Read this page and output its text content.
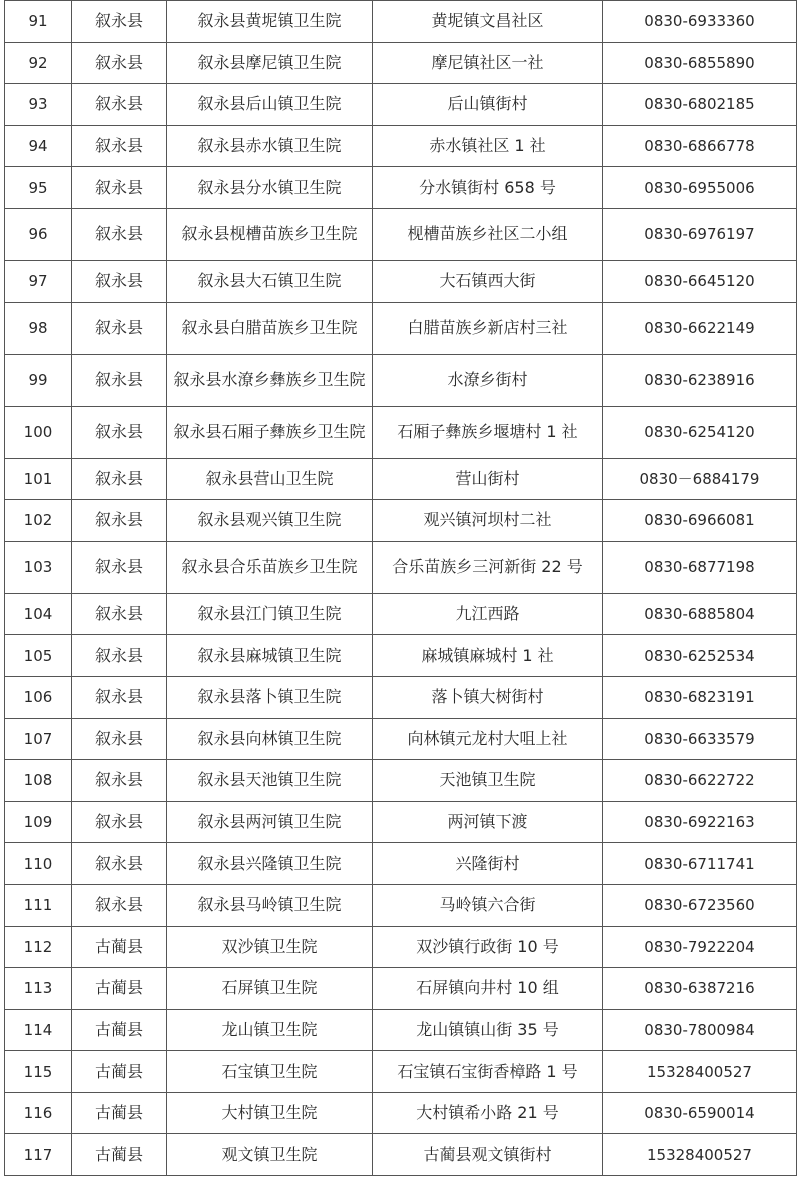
91	叙永县	叙永县黄坭镇卫生院	黄坭镇文昌社区	0830-6933360
92	叙永县	叙永县摩尼镇卫生院	摩尼镇社区一社	0830-6855890
93	叙永县	叙永县后山镇卫生院	后山镇街村	0830-6802185
94	叙永县	叙永县赤水镇卫生院	赤水镇社区 1 社	0830-6866778
95	叙永县	叙永县分水镇卫生院	分水镇街村 658 号	0830-6955006
96	叙永县	叙永县枧槽苗族乡卫生院	枧槽苗族乡社区二小组	0830-6976197
97	叙永县	叙永县大石镇卫生院	大石镇西大街	0830-6645120
98	叙永县	叙永县白腊苗族乡卫生院	白腊苗族乡新店村三社	0830-6622149
99	叙永县	叙永县水潦乡彝族乡卫生院	水潦乡街村	0830-6238916
100	叙永县	叙永县石厢子彝族乡卫生院	石厢子彝族乡堰塘村 1 社	0830-6254120
101	叙永县	叙永县营山卫生院	营山街村	0830－6884179
102	叙永县	叙永县观兴镇卫生院	观兴镇河坝村二社	0830-6966081
103	叙永县	叙永县合乐苗族乡卫生院	合乐苗族乡三河新街 22 号	0830-6877198
104	叙永县	叙永县江门镇卫生院	九江西路	0830-6885804
105	叙永县	叙永县麻城镇卫生院	麻城镇麻城村 1 社	0830-6252534
106	叙永县	叙永县落卜镇卫生院	落卜镇大树街村	0830-6823191
107	叙永县	叙永县向林镇卫生院	向林镇元龙村大咀上社	0830-6633579
108	叙永县	叙永县天池镇卫生院	天池镇卫生院	0830-6622722
109	叙永县	叙永县两河镇卫生院	两河镇下渡	0830-6922163
110	叙永县	叙永县兴隆镇卫生院	兴隆街村	0830-6711741
111	叙永县	叙永县马岭镇卫生院	马岭镇六合街	0830-6723560
112	古蔺县	双沙镇卫生院	双沙镇行政街 10 号	0830-7922204
113	古蔺县	石屏镇卫生院	石屏镇向井村 10 组	0830-6387216
114	古蔺县	龙山镇卫生院	龙山镇镇山街 35 号	0830-7800984
115	古蔺县	石宝镇卫生院	石宝镇石宝街香樟路 1 号	15328400527
116	古蔺县	大村镇卫生院	大村镇希小路 21 号	0830-6590014
117	古蔺县	观文镇卫生院	古蔺县观文镇街村	15328400527
